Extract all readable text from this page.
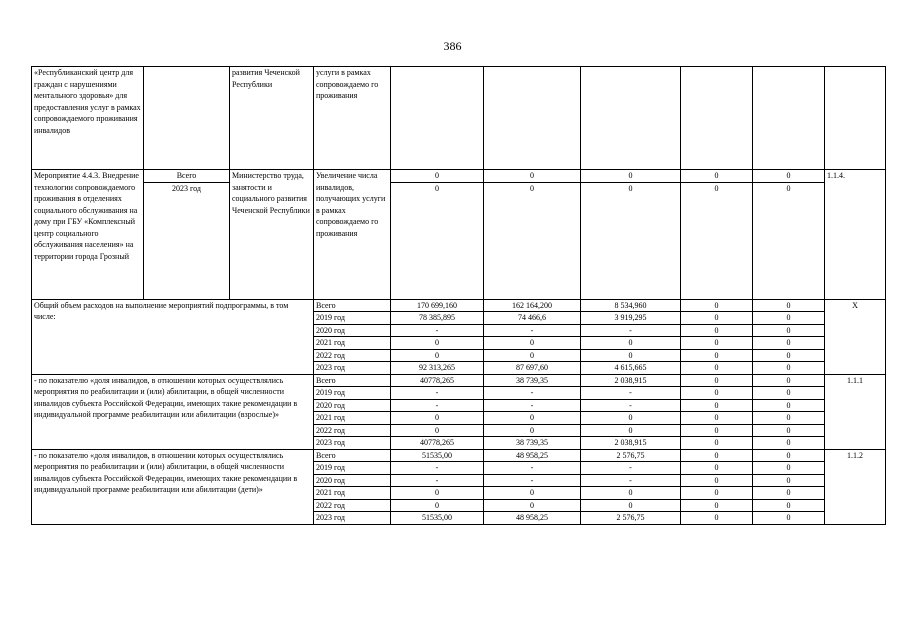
386
«Республиканский центр для граждан с нарушениями ментального здоровья» для предоставления услуг в рамках сопровождаемого проживания инвалидов		развития Чеченской Республики	услуги в рамках сопровождаемо го проживания						
Мероприятие 4.4.3. Внедрение технологии сопровождаемого проживания в отделениях социального обслуживания на дому при ГБУ «Комплексный центр социального обслуживания населения» на территории города Грозный	Всего	Министерство труда, занятости и социального развития Чеченской Республики	Увеличение числа инвалидов, получающих услуги в рамках сопровождаемо го проживания	0	0	0	0	0	1.1.4.
	2023 год			0	0	0	0	0	
Общий объем расходов на выполнение мероприятий подпрограммы, в том числе:			Всего	170 699,160	162 164,200	8 534,960	0	0	Х
			2019 год	78 385,895	74 466,6	3 919,295	0	0	
			2020 год	-	-	-	0	0	
			2021 год	0	0	0	0	0	
			2022 год	0	0	0	0	0	
			2023 год	92 313,265	87 697,60	4 615,665	0	0	
- по показателю «доля инвалидов, в отношении которых осуществлялись мероприятия по реабилитации и (или) абилитации, в общей численности инвалидов субъекта Российской Федерации, имеющих такие рекомендации в индивидуальной программе реабилитации или абилитации (взрослые)»			Всего	40778,265	38 739,35	2 038,915	0	0	1.1.1
			2019 год	-	-	-	0	0	
			2020 год	-	-	-	0	0	
			2021 год	0	0	0	0	0	
			2022 год	0	0	0	0	0	
			2023 год	40778,265	38 739,35	2 038,915	0	0	
- по показателю «доля инвалидов, в отношении которых осуществлялись мероприятия по реабилитации и (или) абилитации, в общей численности инвалидов субъекта Российской Федерации, имеющих такие рекомендации в индивидуальной программе реабилитации или абилитации (дети)»			Всего	51535,00	48 958,25	2 576,75	0	0	1.1.2
			2019 год	-	-	-	0	0	
			2020 год	-	-	-	0	0	
			2021 год	0	0	0	0	0	
			2022 год	0	0	0	0	0	
			2023 год	51535,00	48 958,25	2 576,75	0	0	
